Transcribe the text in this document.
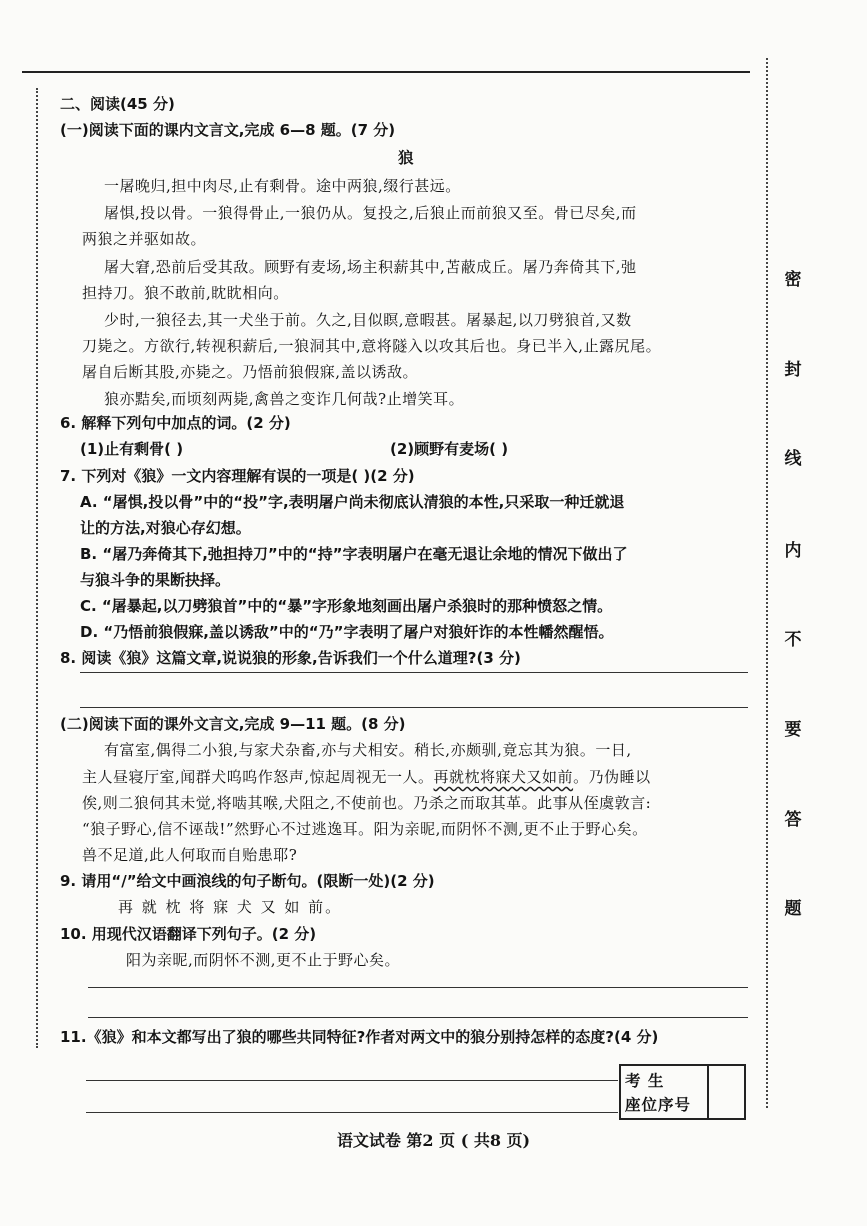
密
封
线
内
不
要
答
题
二、阅读(45 分)
(一)阅读下面的课内文言文,完成 6—8 题。(7 分)
狼
一屠晚归,担中肉尽,止有剩骨。途中两狼,缀行甚远。
屠惧,投以骨。一狼得骨止,一狼仍从。复投之,后狼止而前狼又至。骨已尽矣,而
两狼之并驱如故。
屠大窘,恐前后受其敌。顾野有麦场,场主积薪其中,苫蔽成丘。屠乃奔倚其下,弛
担持刀。狼不敢前,眈眈相向。
少时,一狼径去,其一犬坐于前。久之,目似瞑,意暇甚。屠暴起,以刀劈狼首,又数
刀毙之。方欲行,转视积薪后,一狼洞其中,意将隧入以攻其后也。身已半入,止露尻尾。
屠自后断其股,亦毙之。乃悟前狼假寐,盖以诱敌。
狼亦黠矣,而顷刻两毙,禽兽之变诈几何哉?止增笑耳。
6. 解释下列句中加点的词。(2 分)
(1)止有剩骨( )	(2)顾野有麦场( )
7. 下列对《狼》一文内容理解有误的一项是( )(2 分)
A. “屠惧,投以骨”中的“投”字,表明屠户尚未彻底认清狼的本性,只采取一种迁就退
让的方法,对狼心存幻想。
B. “屠乃奔倚其下,弛担持刀”中的“持”字表明屠户在毫无退让余地的情况下做出了
与狼斗争的果断抉择。
C. “屠暴起,以刀劈狼首”中的“暴”字形象地刻画出屠户杀狼时的那种愤怒之情。
D. “乃悟前狼假寐,盖以诱敌”中的“乃”字表明了屠户对狼奸诈的本性幡然醒悟。
8. 阅读《狼》这篇文章,说说狼的形象,告诉我们一个什么道理?(3 分)
(二)阅读下面的课外文言文,完成 9—11 题。(8 分)
有富室,偶得二小狼,与家犬杂畜,亦与犬相安。稍长,亦颇驯,竟忘其为狼。一日,
主人昼寝厅室,闻群犬呜呜作怒声,惊起周视无一人。再就枕将寐犬又如前。乃伪睡以
俟,则二狼伺其未觉,将啮其喉,犬阻之,不使前也。乃杀之而取其革。此事从侄虞敦言:
“狼子野心,信不诬哉!”然野心不过逃逸耳。阳为亲昵,而阴怀不测,更不止于野心矣。
兽不足道,此人何取而自贻患耶?
9. 请用“/”给文中画浪线的句子断句。(限断一处)(2 分)
再 就 枕 将 寐 犬 又 如 前。
10. 用现代汉语翻译下列句子。(2 分)
阳为亲昵,而阴怀不测,更不止于野心矣。
11.《狼》和本文都写出了狼的哪些共同特征?作者对两文中的狼分别持怎样的态度?(4 分)
考 生
座位序号
语文试卷 第2 页 ( 共8 页)
